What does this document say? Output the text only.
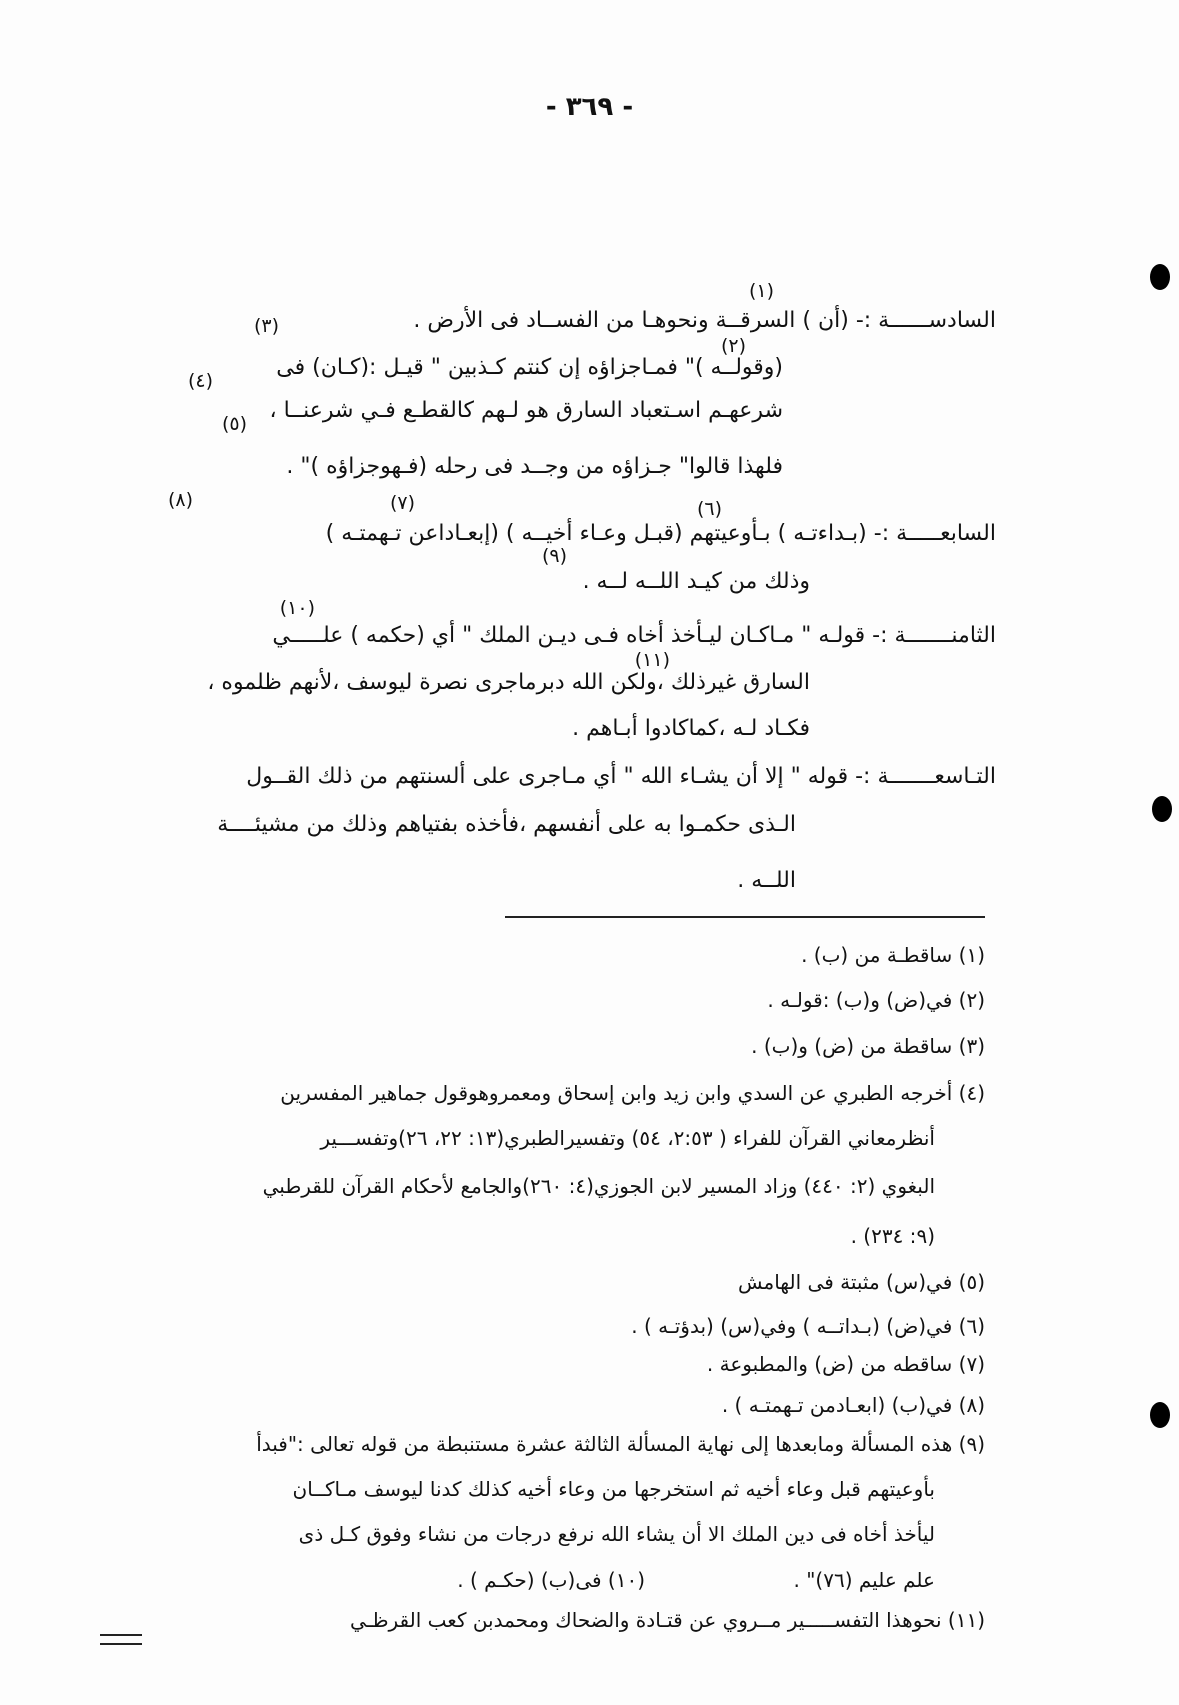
- ٣٦٩ -
(١)
(٣)
(٢)
(٤)
(٥)
(٨)	(٧)	(٦)
(٩)
(١٠)
(١١)
السادســــــة :- (أن ) السرقــة ونحوهـا من الفســاد فى الأرض .
(وقولــه )" فمـاجزاؤه إن كنتم كـذبين " قيـل :(كـان) فى
شرعهـم اسـتعباد السارق هو لـهم كالقطـع فـي شرعنــا ،
فلهذا قالوا" جـزاؤه من وجــد فى رحله (فـهوجزاؤه )" .
السابعـــــة :- (بـداءتـه ) بـأوعيتهم (قبـل وعـاء أخيــه ) (إبعـاداعن تـهمتـه )
وذلك من كيـد اللــه لــه .
الثامنـــــــة :- قولـه " مـاكـان ليـأخذ أخاه فـى ديـن الملك " أي (حكمه ) علـــــي
السارق غيرذلك ،ولكن الله دبرماجرى نصرة ليوسف ،لأنهم ظلموه ،
فكـاد لـه ،كماكادوا أبـاهم .
التـاسعـــــــة :- قوله " إلا أن يشـاء الله " أي مـاجرى على ألسنتهم من ذلك القــول
الـذى حكمـوا به على أنفسهم ،فأخذه بفتياهم وذلك من مشيئــــة
اللــه .
(١) ساقطـة من (ب) .
(٢) في(ض) و(ب) :قولـه .
(٣) ساقطة من (ض) و(ب) .
(٤) أخرجه الطبري عن السدي وابن زيد وابن إسحاق ومعمروهوقول جماهير المفسرين
أنظرمعاني القرآن للفراء ( ٢:٥٣، ٥٤) وتفسيرالطبري(١٣: ٢٢، ٢٦)وتفســـير
البغوي (٢: ٤٤٠) وزاد المسير لابن الجوزي(٤: ٢٦٠)والجامع لأحكام القرآن للقرطبي
(٩: ٢٣٤) .
(٥) في(س) مثبتة فى الهامش
(٦) في(ض) (بـداتــه ) وفي(س) (بدؤتـه ) .
(٧) ساقطه من (ض) والمطبوعة .
(٨) في(ب) (ابعـادمن تـهمتـه ) .
(٩) هذه المسألة ومابعدها إلى نهاية المسألة الثالثة عشرة مستنبطة من قوله تعالى :"فبدأ
بأوعيتهم قبل وعاء أخيه ثم استخرجها من وعاء أخيه كذلك كدنا ليوسف مـاكــان
ليأخذ أخاه فى دين الملك الا أن يشاء الله نرفع درجات من نشاء وفوق كـل ذى
علم عليم (٧٦)" .
(١٠) فى(ب) (حكـم ) .
(١١) نحوهذا التفســـــير مــروي عن قتـادة والضحاك ومحمدبن كعب القرظـي
